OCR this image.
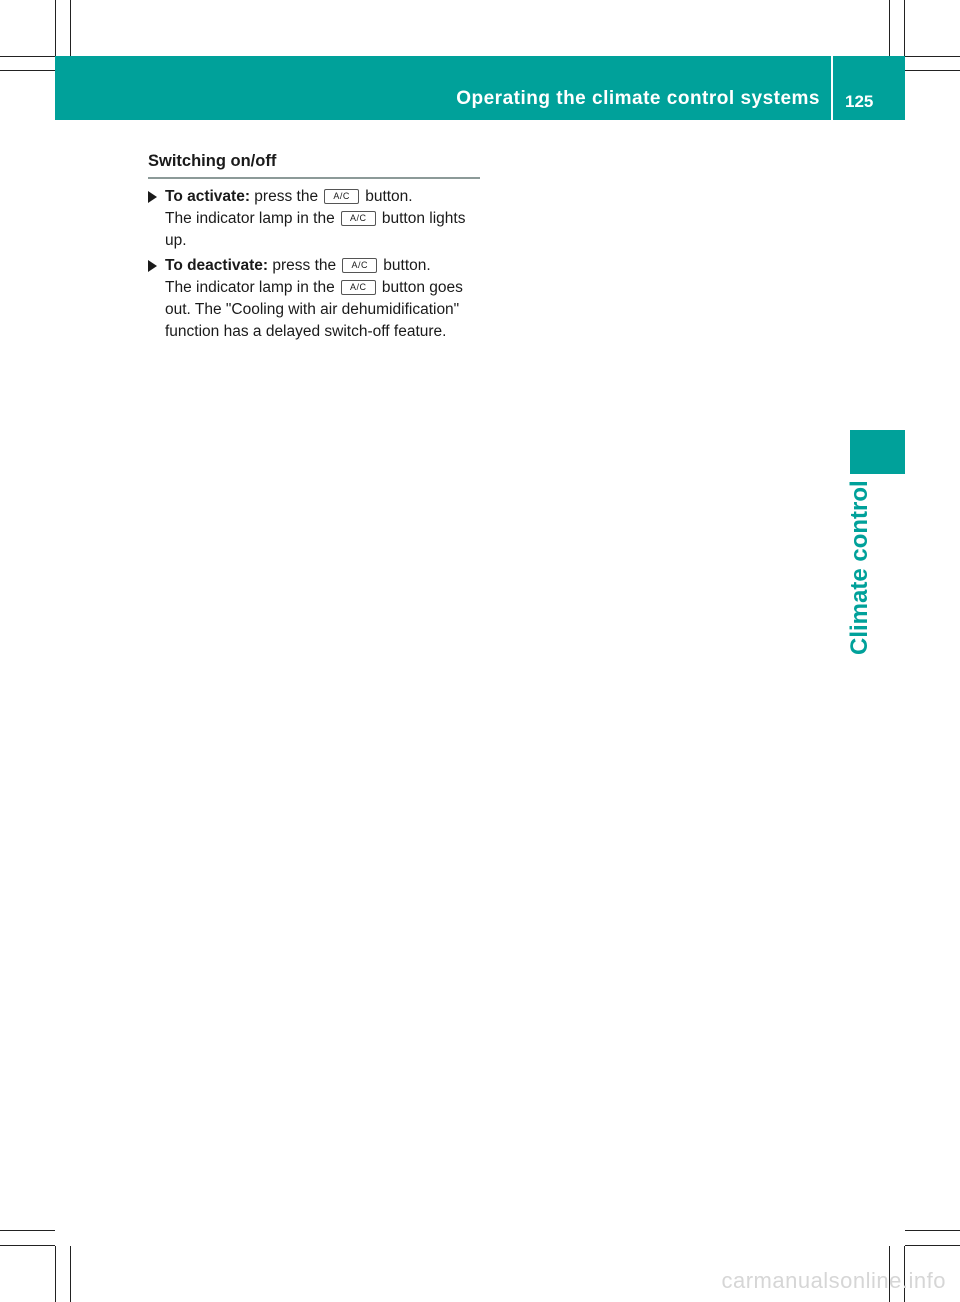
Operating the climate control systems 125
Climate control
Switching on/off
To activate: press the A/C button.
The indicator lamp in the A/C button lights up.
To deactivate: press the A/C button.
The indicator lamp in the A/C button goes out. The "Cooling with air dehumidification" function has a delayed switch-off feature.
carmanualsonline.info
